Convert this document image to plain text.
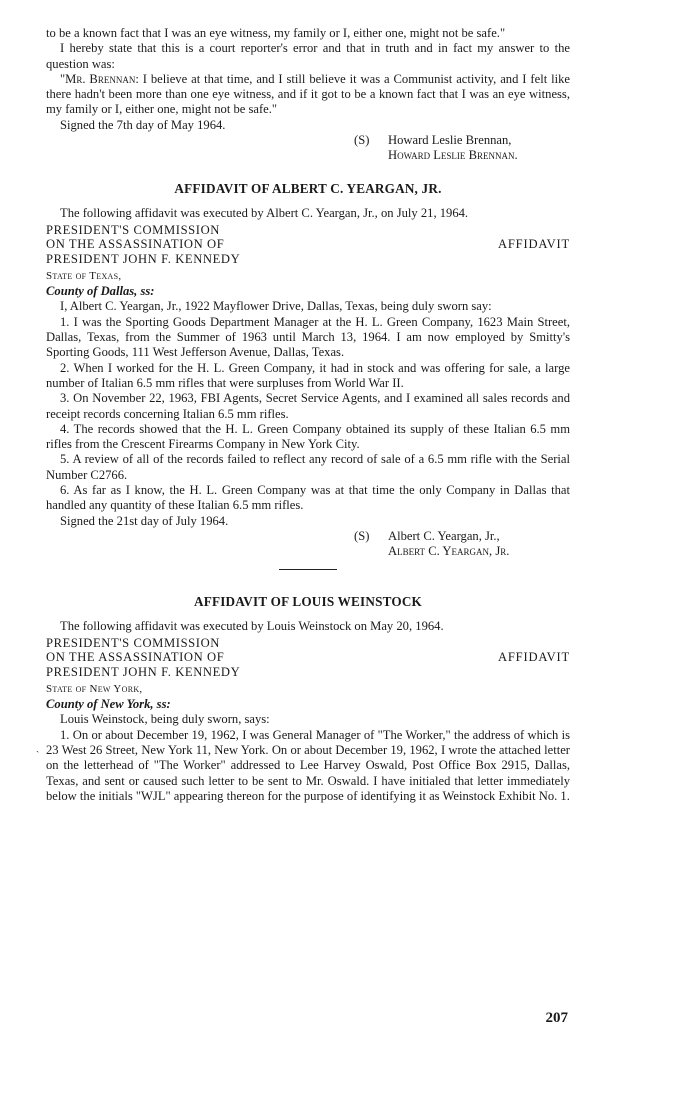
to be a known fact that I was an eye witness, my family or I, either one, might not be safe."

I hereby state that this is a court reporter's error and that in truth and in fact my answer to the question was:

"Mr. Brennan: I believe at that time, and I still believe it was a Communist activity, and I felt like there hadn't been more than one eye witness, and if it got to be a known fact that I was an eye witness, my family or I, either one, might not be safe."

Signed the 7th day of May 1964.

(S) Howard Leslie Brennan,
Howard Leslie Brennan.
AFFIDAVIT OF ALBERT C. YEARGAN, JR.

The following affidavit was executed by Albert C. Yeargan, Jr., on July 21, 1964.

PRESIDENT'S COMMISSION
ON THE ASSASSINATION OF
PRESIDENT JOHN F. KENNEDY
AFFIDAVIT
State of Texas,
County of Dallas, ss:

I, Albert C. Yeargan, Jr., 1922 Mayflower Drive, Dallas, Texas, being duly sworn say:

1. I was the Sporting Goods Department Manager at the H. L. Green Company, 1623 Main Street, Dallas, Texas, from the Summer of 1963 until March 13, 1964. I am now employed by Smitty's Sporting Goods, 111 West Jefferson Avenue, Dallas, Texas.

2. When I worked for the H. L. Green Company, it had in stock and was offering for sale, a large number of Italian 6.5 mm rifles that were surpluses from World War II.

3. On November 22, 1963, FBI Agents, Secret Service Agents, and I examined all sales records and receipt records concerning Italian 6.5 mm rifles.

4. The records showed that the H. L. Green Company obtained its supply of these Italian 6.5 mm rifles from the Crescent Firearms Company in New York City.

5. A review of all of the records failed to reflect any record of sale of a 6.5 mm rifle with the Serial Number C2766.

6. As far as I know, the H. L. Green Company was at that time the only Company in Dallas that handled any quantity of these Italian 6.5 mm rifles.

Signed the 21st day of July 1964.

(S) Albert C. Yeargan, Jr.,
Albert C. Yeargan, Jr.
AFFIDAVIT OF LOUIS WEINSTOCK

The following affidavit was executed by Louis Weinstock on May 20, 1964.

PRESIDENT'S COMMISSION
ON THE ASSASSINATION OF
PRESIDENT JOHN F. KENNEDY
AFFIDAVIT
State of New York,
County of New York, ss:

Louis Weinstock, being duly sworn, says:

1. On or about December 19, 1962, I was General Manager of "The Worker," the address of which is 23 West 26 Street, New York 11, New York. On or about December 19, 1962, I wrote the attached letter on the letterhead of "The Worker" addressed to Lee Harvey Oswald, Post Office Box 2915, Dallas, Texas, and sent or caused such letter to be sent to Mr. Oswald. I have initialed that letter immediately below the initials "WJL" appearing thereon for the purpose of identifying it as Weinstock Exhibit No. 1.

ˎ
207
